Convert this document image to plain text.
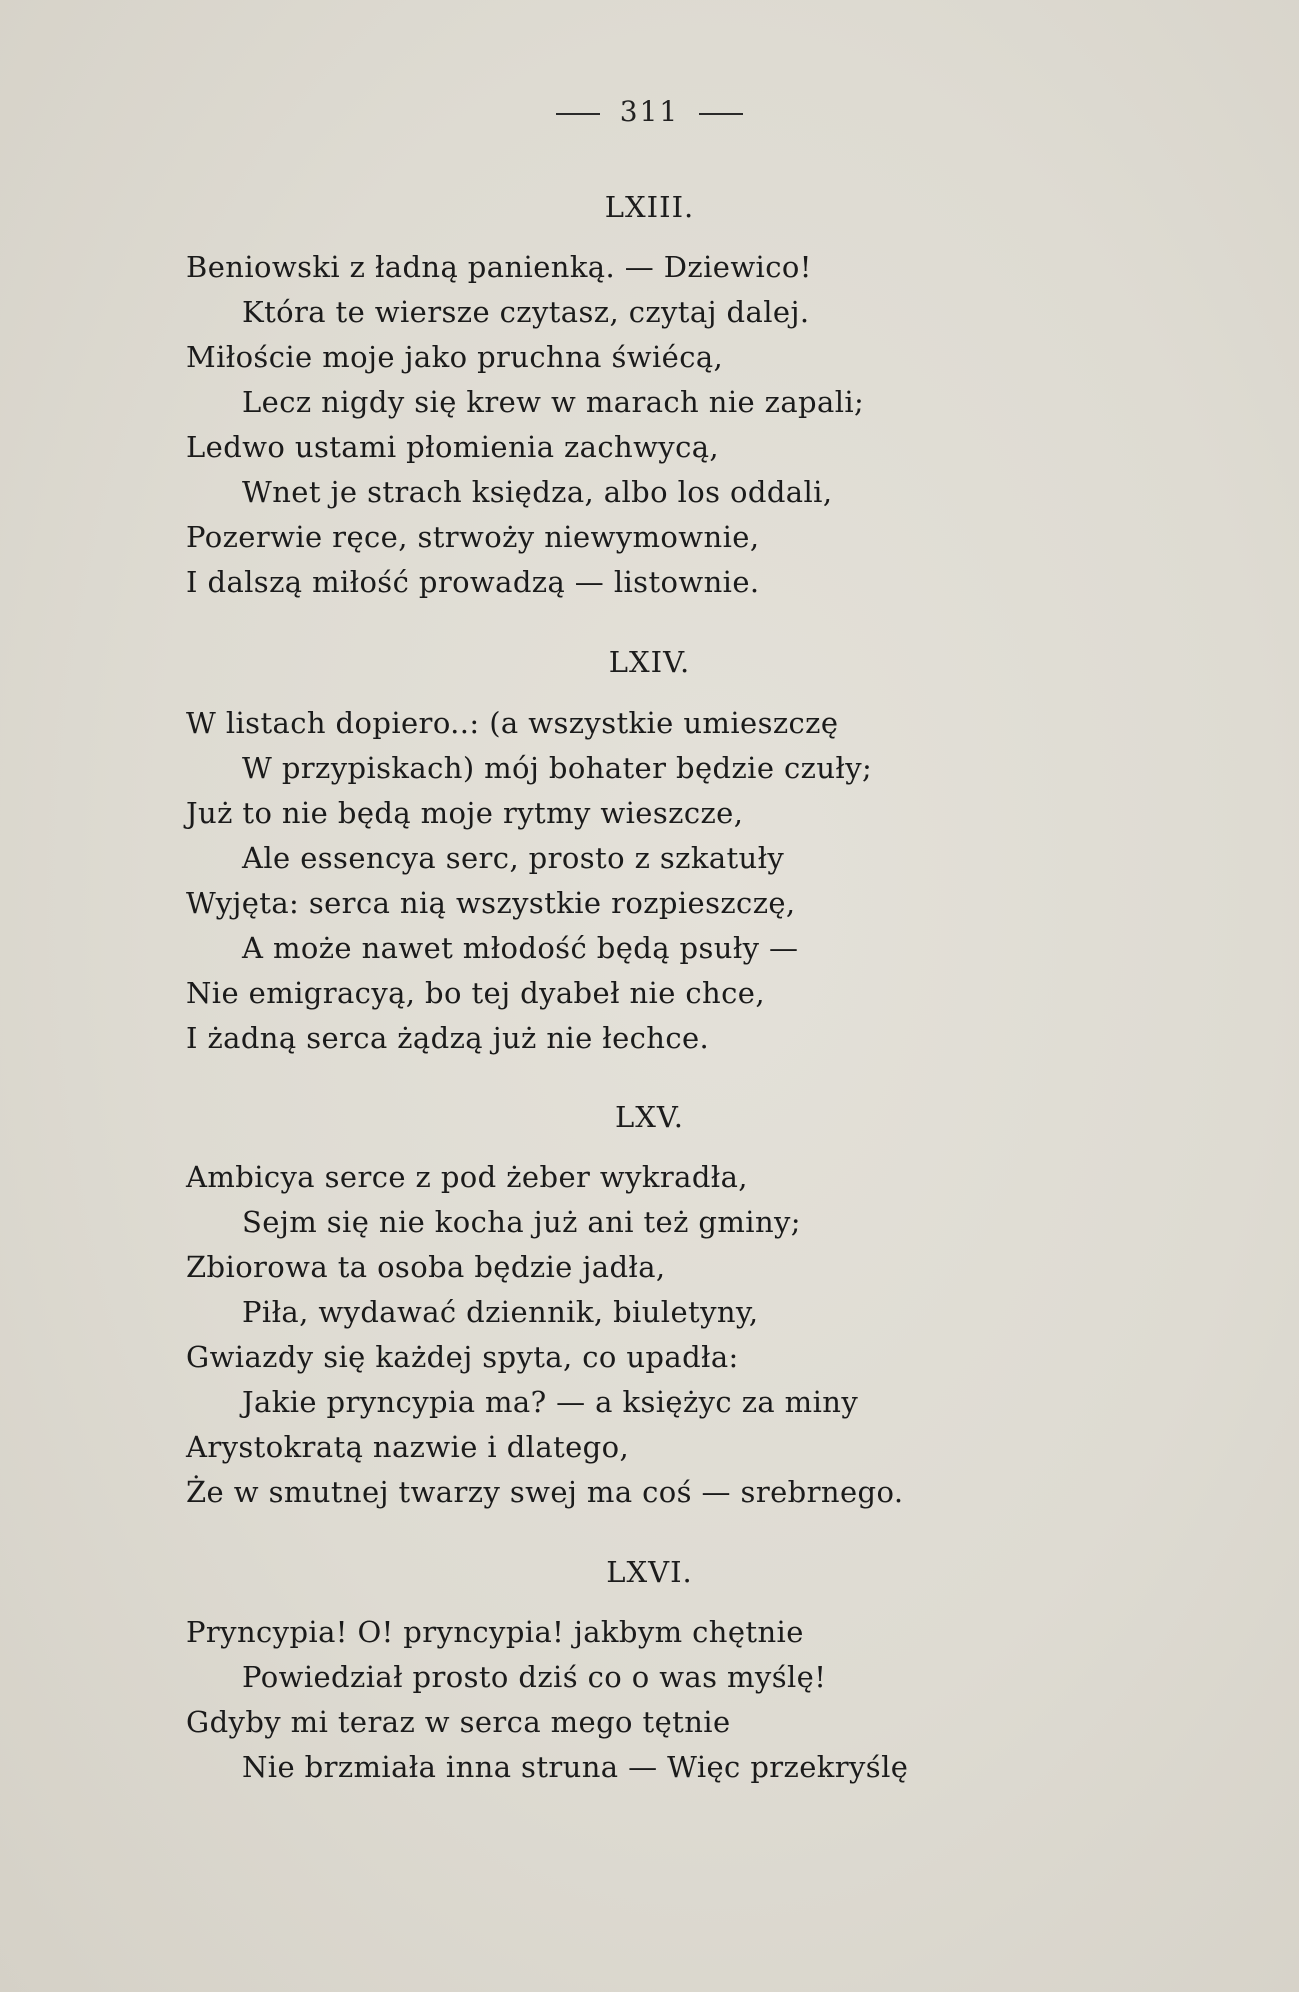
311
LXIII.
Beniowski z ładną panienką. — Dziewico!
Która te wiersze czytasz, czytaj dalej.
Miłoście moje jako pruchna świécą,
Lecz nigdy się krew w marach nie zapali;
Ledwo ustami płomienia zachwycą,
Wnet je strach księdza, albo los oddali,
Pozerwie ręce, strwoży niewymownie,
I dalszą miłość prowadzą — listownie.
LXIV.
W listach dopiero..: (a wszystkie umieszczę
W przypiskach) mój bohater będzie czuły;
Już to nie będą moje rytmy wieszcze,
Ale essencya serc, prosto z szkatuły
Wyjęta: serca nią wszystkie rozpieszczę,
A może nawet młodość będą psuły —
Nie emigracyą, bo tej dyabeł nie chce,
I żadną serca żądzą już nie łechce.
LXV.
Ambicya serce z pod żeber wykradła,
Sejm się nie kocha już ani też gminy;
Zbiorowa ta osoba będzie jadła,
Piła, wydawać dziennik, biuletyny,
Gwiazdy się każdej spyta, co upadła:
Jakie pryncypia ma? — a księżyc za miny
Arystokratą nazwie i dlatego,
Że w smutnej twarzy swej ma coś — srebrnego.
LXVI.
Pryncypia! O! pryncypia! jakbym chętnie
Powiedział prosto dziś co o was myślę!
Gdyby mi teraz w serca mego tętnie
Nie brzmiała inna struna — Więc przekryślę
